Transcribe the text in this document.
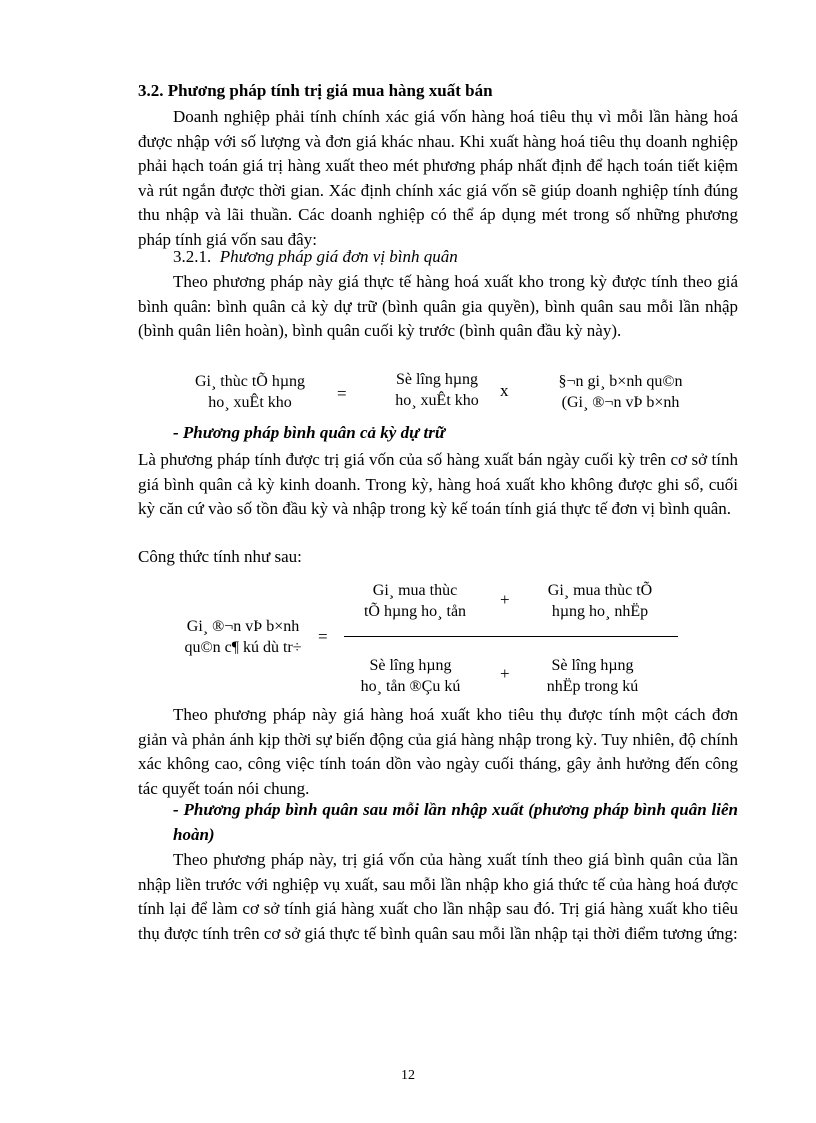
3.2. Phương pháp tính trị giá mua hàng xuất bán

Doanh nghiệp phải tính chính xác giá vốn hàng hoá tiêu thụ vì mỗi lần hàng hoá được nhập với số lượng và đơn giá khác nhau. Khi xuất hàng hoá tiêu thụ doanh nghiệp phải hạch toán giá trị hàng xuất theo mét phương pháp nhất định để hạch toán tiết kiệm và rút ngắn được thời gian. Xác định chính xác giá vốn sẽ giúp doanh nghiệp tính đúng thu nhập và lãi thuần. Các doanh nghiệp có thể áp dụng mét trong số những phương pháp tính giá vốn sau đây:

3.2.1. Phương pháp giá đơn vị bình quân

Theo phương pháp này giá thực tế hàng hoá xuất kho trong kỳ được tính theo giá bình quân: bình quân cả kỳ dự trữ (bình quân gia quyền), bình quân sau mỗi lần nhập (bình quân liên hoàn), bình quân cuối kỳ trước (bình quân đầu kỳ này).

Gi¸ thùc tÕ hµng
ho¸ xuÊt kho	=
Sè lîng hµng
ho¸ xuÊt kho
x	§¬n gi¸ b×nh qu©n
(Gi¸ ®¬n vÞ b×nh

- Phương pháp bình quân cả kỳ dự trữ

Là phương pháp tính được trị giá vốn của số hàng xuất bán ngày cuối kỳ trên cơ sở tính giá bình quân cả kỳ kinh doanh. Trong kỳ, hàng hoá xuất kho không được ghi sổ, cuối kỳ căn cứ vào số tồn đầu kỳ và nhập trong kỳ kế toán tính giá thực tế đơn vị bình quân.

Công thức tính như sau:

Gi¸ ®¬n vÞ b×nh
qu©n c¶ kú dù tr÷
=
Gi¸ mua thùc
tÕ hµng ho¸ tån
+	Gi¸ mua thùc tÕ
hµng ho¸ nhËp
Sè lîng hµng
ho¸ tån ®Çu kú
+	Sè lîng hµng
nhËp trong kú

Theo phương pháp này giá hàng hoá xuất kho tiêu thụ được tính một cách đơn giản và phản ánh kịp thời sự biến động của giá hàng nhập trong kỳ. Tuy nhiên, độ chính xác không cao, công việc tính toán dồn vào ngày cuối tháng, gây ảnh hưởng đến công tác quyết toán nói chung.

- Phương pháp bình quân sau mỗi lần nhập xuất (phương pháp bình quân liên hoàn)

Theo phương pháp này, trị giá vốn của hàng xuất tính theo giá bình quân của lần nhập liền trước với nghiệp vụ xuất, sau mỗi lần nhập kho giá thức tế của hàng hoá được tính lại để làm cơ sở tính giá hàng xuất cho lần nhập sau đó. Trị giá hàng xuất kho tiêu thụ được tính trên cơ sở giá thực tế bình quân sau mỗi lần nhập tại thời điểm tương ứng:

12
